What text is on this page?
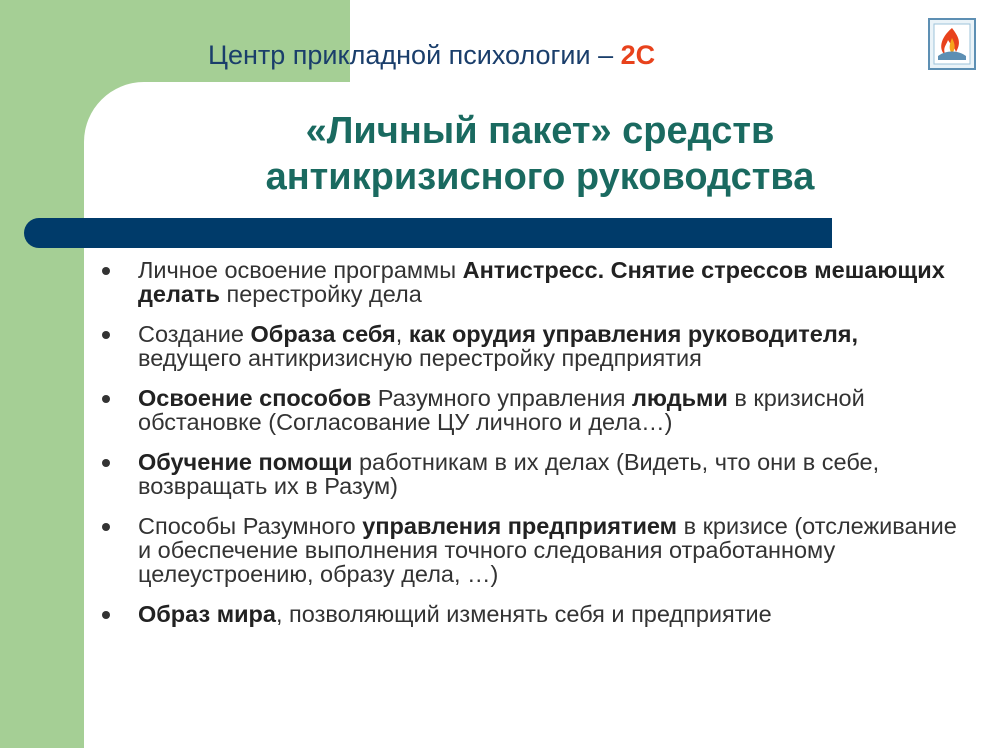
Центр прикладной психологии – 2С
«Личный пакет» средств
антикризисного руководства
Личное освоение программы Антистресс. Снятие стрессов мешающих делать перестройку дела
Создание Образа себя, как орудия управления руководителя, ведущего антикризисную перестройку предприятия
Освоение способов Разумного управления людьми в кризисной обстановке (Согласование ЦУ личного и дела…)
Обучение помощи работникам в их делах (Видеть, что они в себе, возвращать их в Разум)
Способы Разумного управления предприятием в кризисе (отслеживание и обеспечение выполнения точного следования отработанному целеустроению, образу дела, …)
Образ мира, позволяющий изменять себя и предприятие
